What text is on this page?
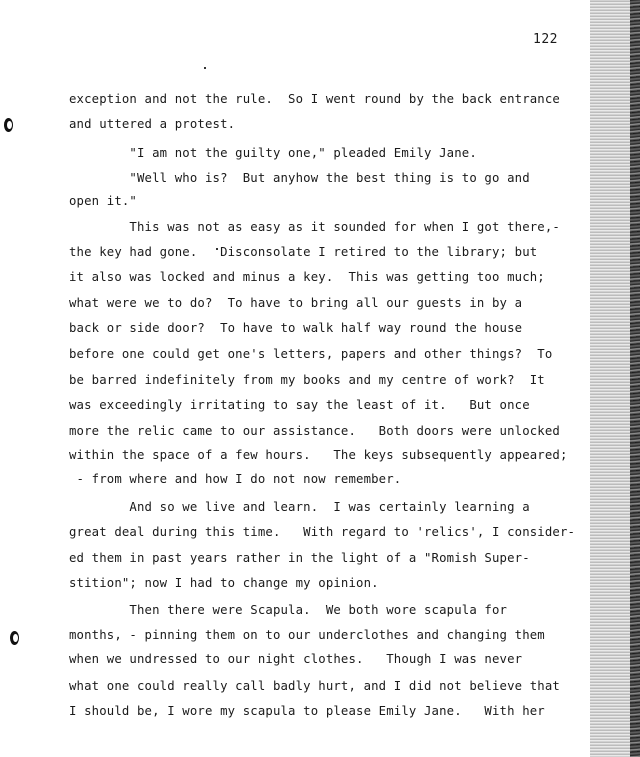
122
exception and not the rule.  So I went round by the back entrance
and uttered a protest.
"I am not the guilty one," pleaded Emily Jane.
"Well who is?  But anyhow the best thing is to go and
open it."
This was not as easy as it sounded for when I got there,-
the key had gone.   Disconsolate I retired to the library; but
it also was locked and minus a key.  This was getting too much;
what were we to do?  To have to bring all our guests in by a
back or side door?  To have to walk half way round the house
before one could get one's letters, papers and other things?  To
be barred indefinitely from my books and my centre of work?  It
was exceedingly irritating to say the least of it.   But once
more the relic came to our assistance.   Both doors were unlocked
within the space of a few hours.   The keys subsequently appeared;
- from where and how I do not now remember.
And so we live and learn.  I was certainly learning a
great deal during this time.   With regard to 'relics', I consider-
ed them in past years rather in the light of a "Romish Super-
stition"; now I had to change my opinion.
Then there were Scapula.  We both wore scapula for
months, - pinning them on to our underclothes and changing them
when we undressed to our night clothes.   Though I was never
what one could really call badly hurt, and I did not believe that
I should be, I wore my scapula to please Emily Jane.   With her
